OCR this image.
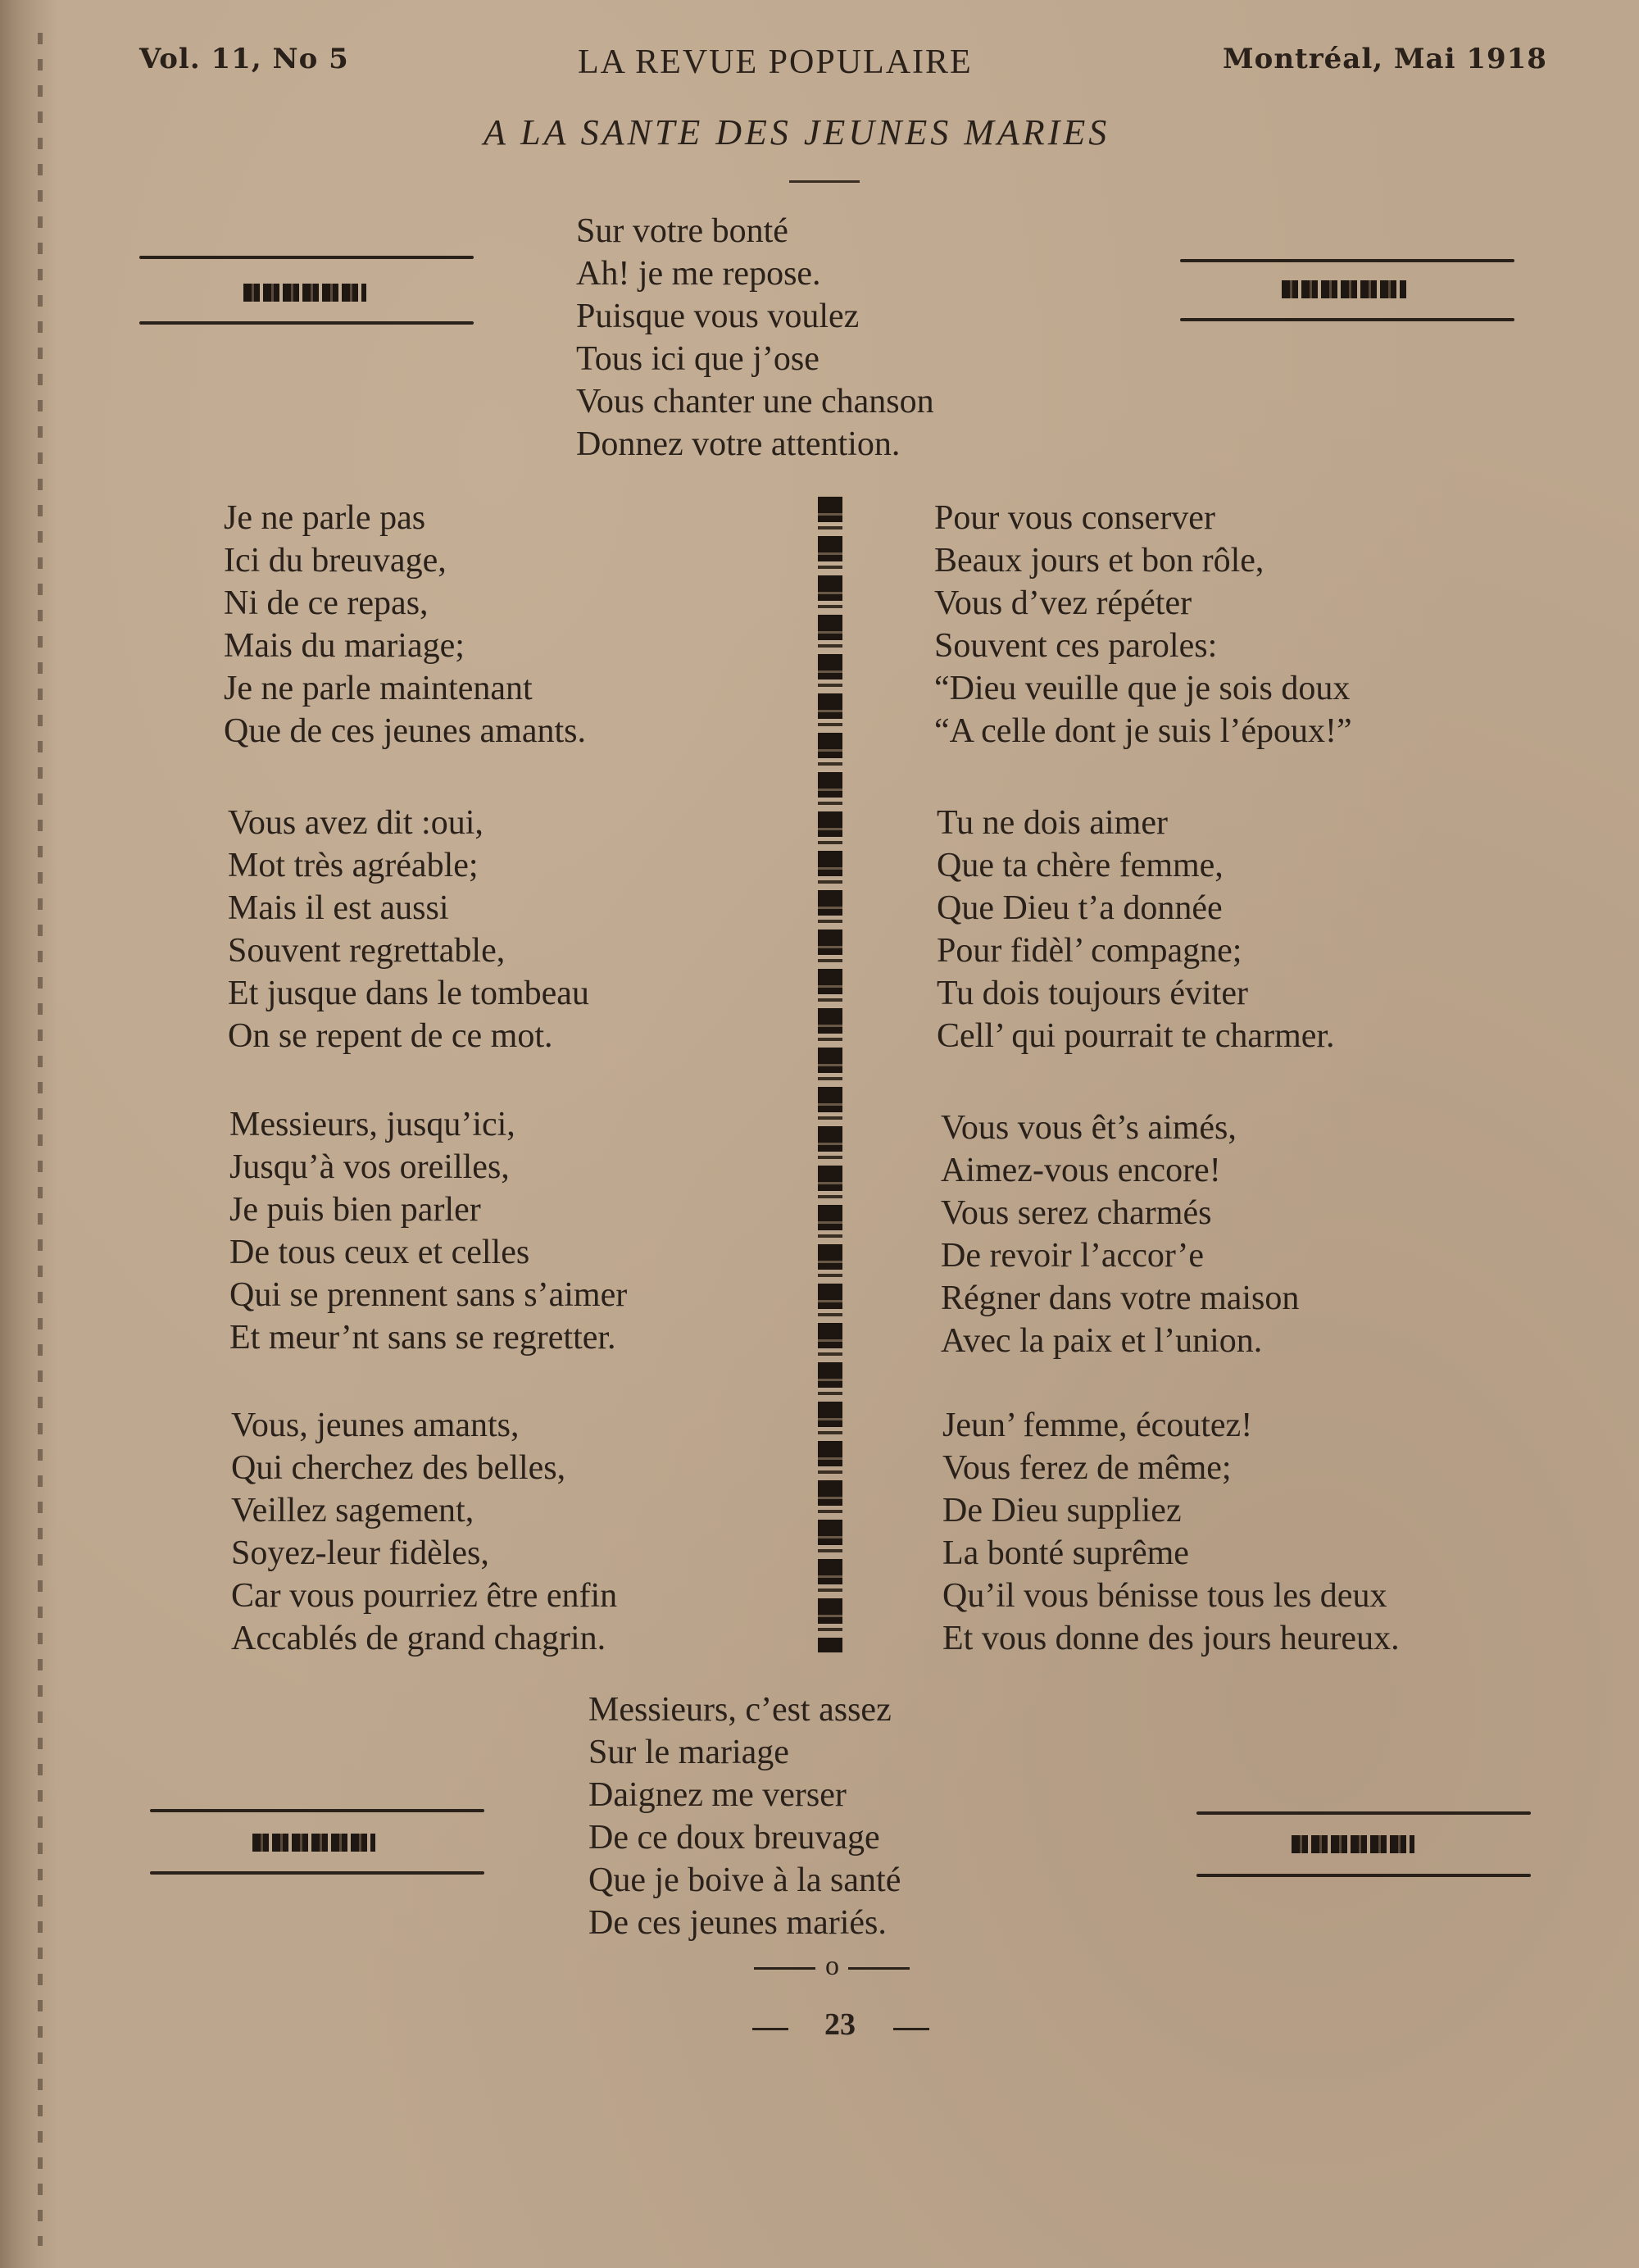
Vol. 11, No 5	LA REVUE POPULAIRE	Montréal, Mai 1918
A LA SANTE DES JEUNES MARIES
Sur votre bonté
Ah! je me repose.
Puisque vous voulez
Tous ici que j’ose
Vous chanter une chanson
Donnez votre attention.
Je ne parle pas
Ici du breuvage,
Ni de ce repas,
Mais du mariage;
Je ne parle maintenant
Que de ces jeunes amants.
Vous avez dit :oui,
Mot très agréable;
Mais il est aussi
Souvent regrettable,
Et jusque dans le tombeau
On se repent de ce mot.
Messieurs, jusqu’ici,
Jusqu’à vos oreilles,
Je puis bien parler
De tous ceux et celles
Qui se prennent sans s’aimer
Et meur’nt sans se regretter.
Vous, jeunes amants,
Qui cherchez des belles,
Veillez sagement,
Soyez-leur fidèles,
Car vous pourriez être enfin
Accablés de grand chagrin.
Pour vous conserver
Beaux jours et bon rôle,
Vous d’vez répéter
Souvent ces paroles:
“Dieu veuille que je sois doux
“A celle dont je suis l’époux!”
Tu ne dois aimer
Que ta chère femme,
Que Dieu t’a donnée
Pour fidèl’ compagne;
Tu dois toujours éviter
Cell’ qui pourrait te charmer.
Vous vous êt’s aimés,
Aimez-vous encore!
Vous serez charmés
De revoir l’accor’e
Régner dans votre maison
Avec la paix et l’union.
Jeun’ femme, écoutez!
Vous ferez de même;
De Dieu suppliez
La bonté suprême
Qu’il vous bénisse tous les deux
Et vous donne des jours heureux.
Messieurs, c’est assez
Sur le mariage
Daignez me verser
De ce doux breuvage
Que je boive à la santé
De ces jeunes mariés.
o
23
